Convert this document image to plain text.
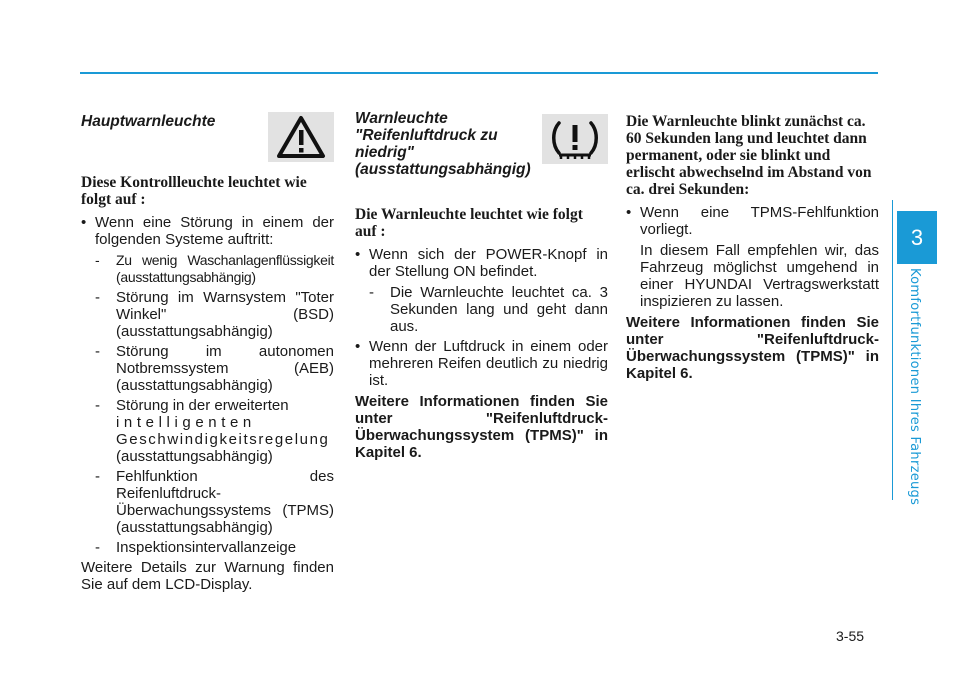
3
Komfortfunktionen Ihres Fahrzeugs
Hauptwarnleuchte
Diese Kontrollleuchte leuchtet wie folgt auf :
• Wenn eine Störung in einem der folgenden Systeme auftritt:
- Zu wenig Waschanlagenflüssigkeit (ausstattungsabhängig)
- Störung im Warnsystem "Toter Winkel" (BSD) (ausstattungsabhängig)
- Störung im autonomen Notbremssystem (AEB) (ausstattungsabhängig)
- Störung in der erweiterten
intelligenten
Geschwindigkeitsregelung
(ausstattungsabhängig)
- Fehlfunktion des Reifenluftdruck-Überwachungssystems (TPMS) (ausstattungsabhängig)
- Inspektionsintervallanzeige

Weitere Details zur Warnung finden Sie auf dem LCD-Display.

Warnleuchte "Reifenluftdruck zu niedrig" (ausstattungsabhängig)
Die Warnleuchte leuchtet wie folgt auf :
• Wenn sich der POWER-Knopf in der Stellung ON befindet.
- Die Warnleuchte leuchtet ca. 3 Sekunden lang und geht dann aus.
• Wenn der Luftdruck in einem oder mehreren Reifen deutlich zu niedrig ist.

Weitere Informationen finden Sie unter "Reifenluftdruck-Überwachungssystem (TPMS)" in Kapitel 6.

Die Warnleuchte blinkt zunächst ca. 60 Sekunden lang und leuchtet dann permanent, oder sie blinkt und erlischt abwechselnd im Abstand von ca. drei Sekunden:
• Wenn eine TPMS-Fehlfunktion vorliegt.

In diesem Fall empfehlen wir, das Fahrzeug möglichst umgehend in einer HYUNDAI Vertragswerkstatt inspizieren zu lassen.

Weitere Informationen finden Sie unter "Reifenluftdruck-Überwachungssystem (TPMS)" in Kapitel 6.

3-55
